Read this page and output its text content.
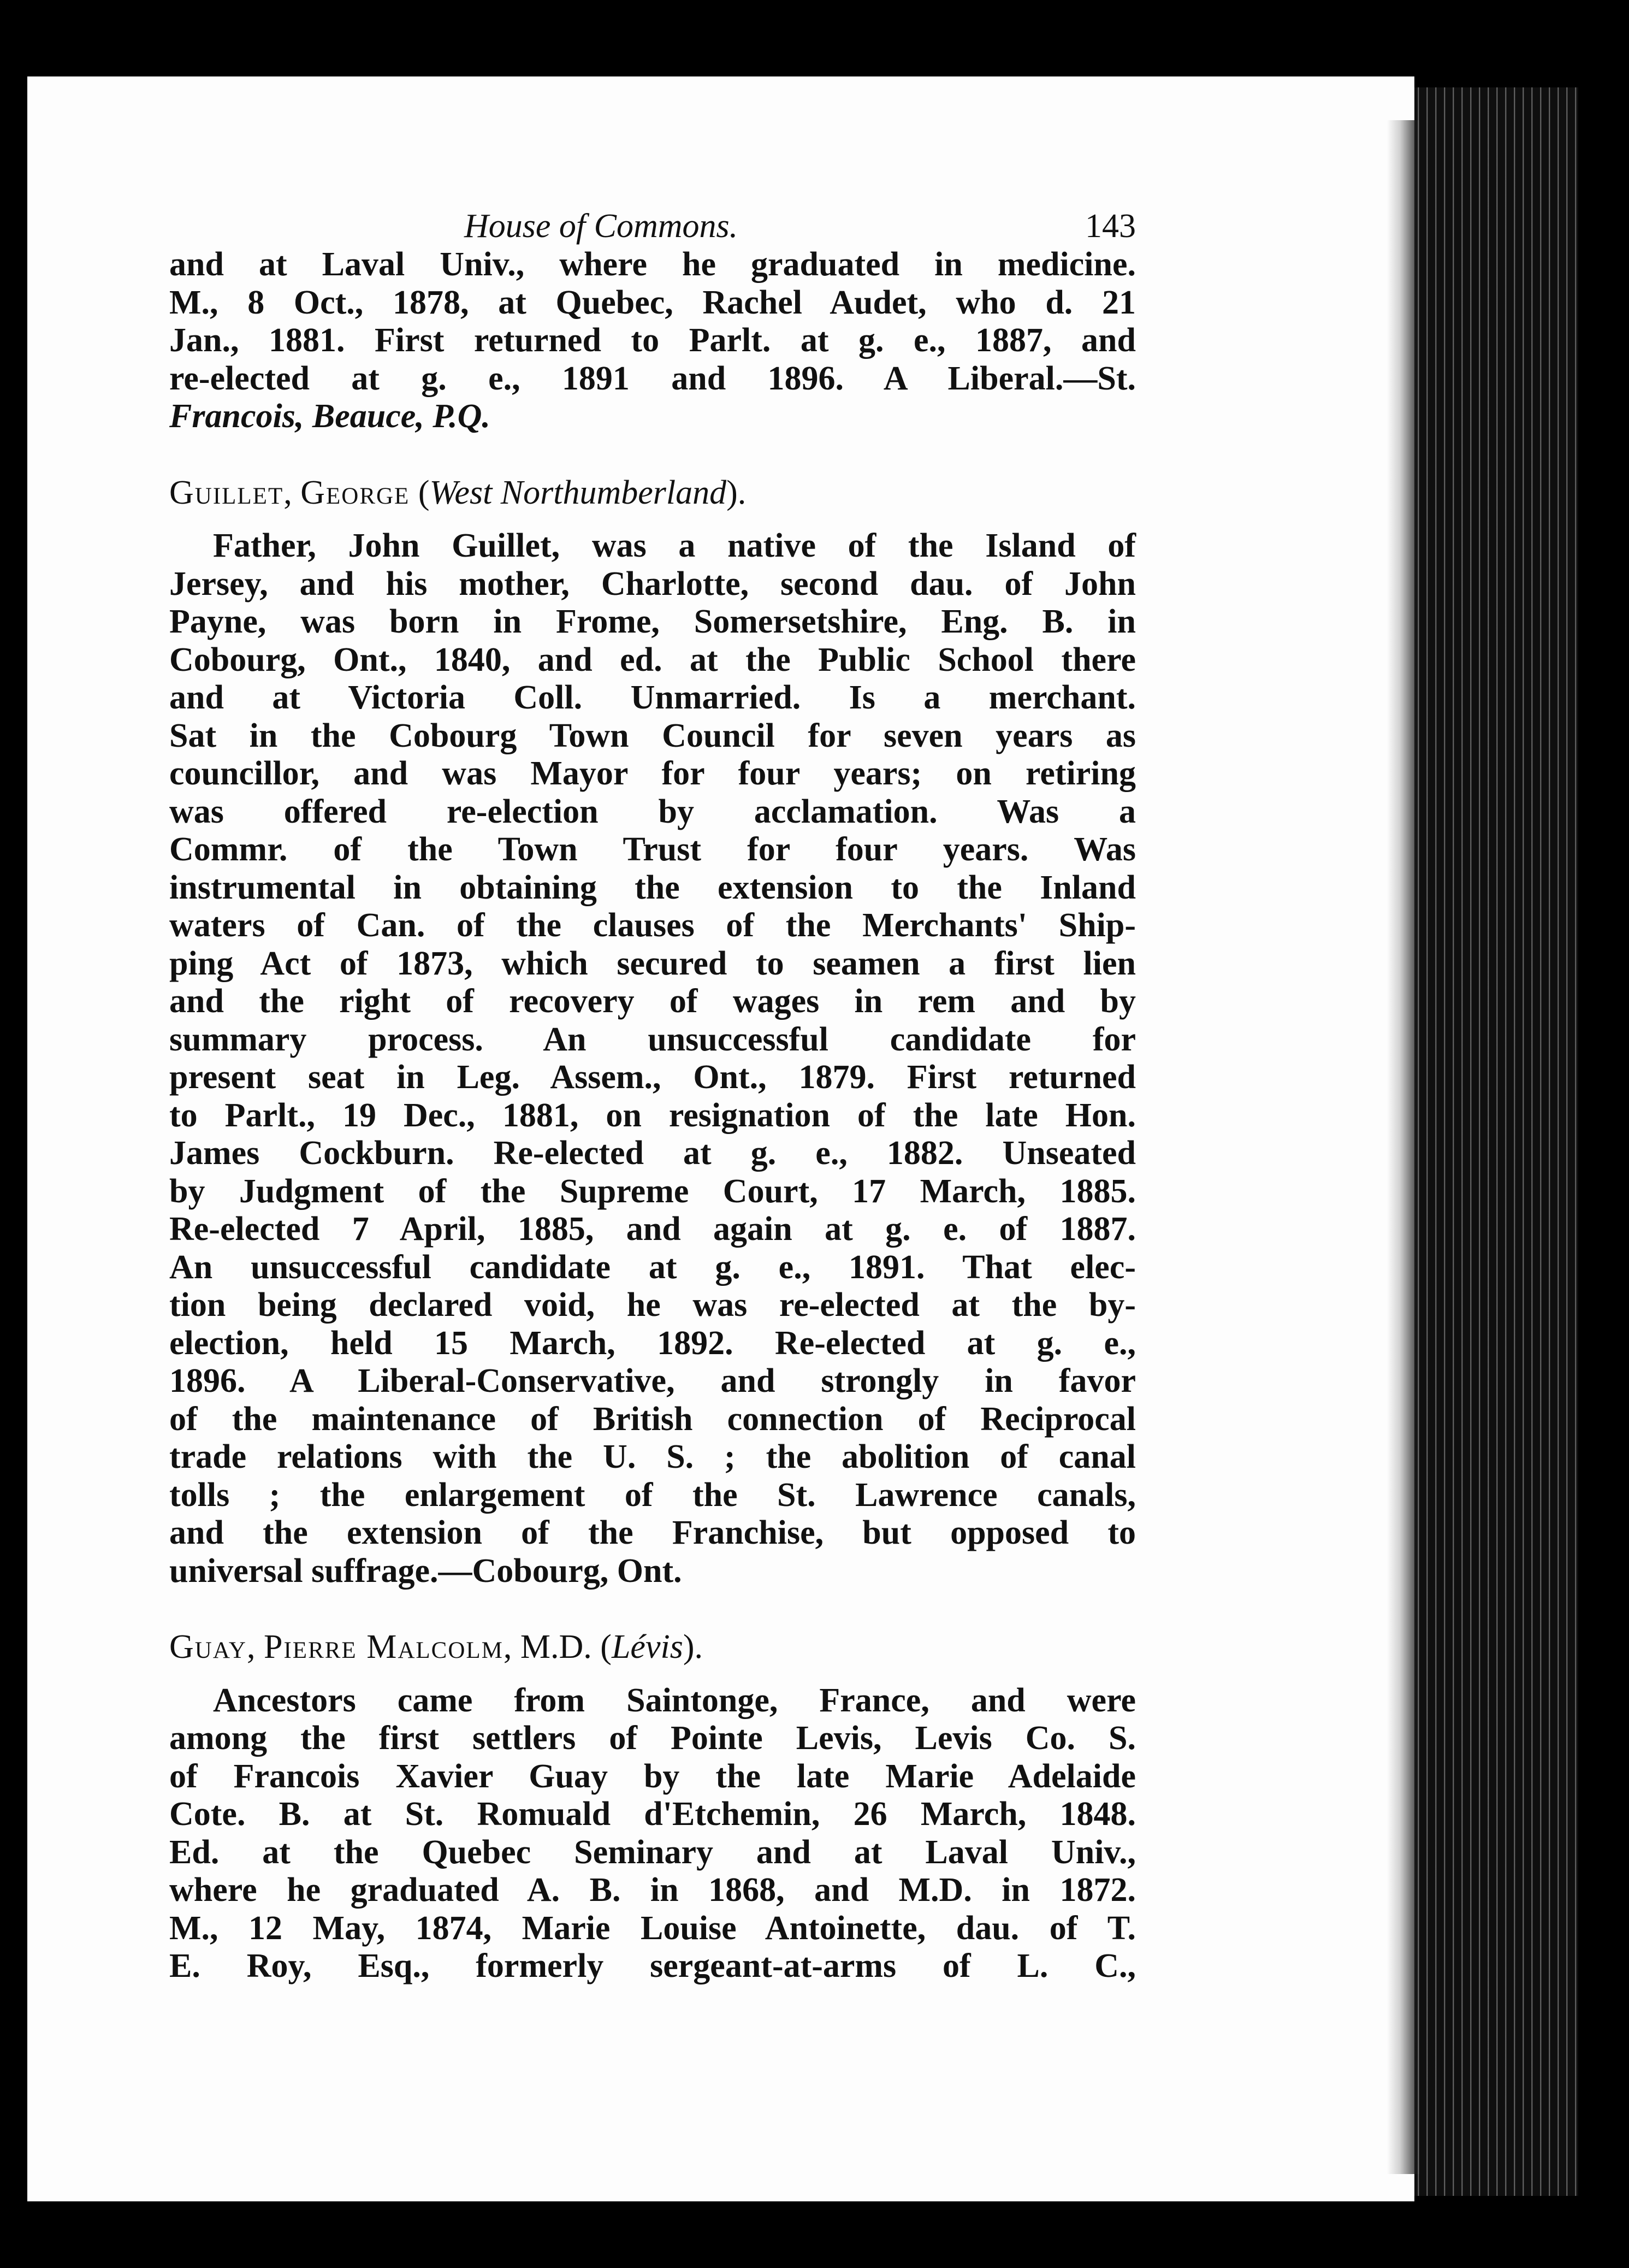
House of Commons.	143
and at Laval Univ., where he graduated in medicine.
M., 8 Oct., 1878, at Quebec, Rachel Audet, who d. 21
Jan., 1881. First returned to Parlt. at g. e., 1887, and
re-elected at g. e., 1891 and 1896. A Liberal.—St.
Francois, Beauce, P.Q.
Guillet, George (West Northumberland).
Father, John Guillet, was a native of the Island of
Jersey, and his mother, Charlotte, second dau. of John
Payne, was born in Frome, Somersetshire, Eng. B. in
Cobourg, Ont., 1840, and ed. at the Public School there
and at Victoria Coll. Unmarried. Is a merchant.
Sat in the Cobourg Town Council for seven years as
councillor, and was Mayor for four years; on retiring
was offered re-election by acclamation. Was a
Commr. of the Town Trust for four years. Was
instrumental in obtaining the extension to the Inland
waters of Can. of the clauses of the Merchants' Ship-
ping Act of 1873, which secured to seamen a first lien
and the right of recovery of wages in rem and by
summary process. An unsuccessful candidate for
present seat in Leg. Assem., Ont., 1879. First returned
to Parlt., 19 Dec., 1881, on resignation of the late Hon.
James Cockburn. Re-elected at g. e., 1882. Unseated
by Judgment of the Supreme Court, 17 March, 1885.
Re-elected 7 April, 1885, and again at g. e. of 1887.
An unsuccessful candidate at g. e., 1891. That elec-
tion being declared void, he was re-elected at the by-
election, held 15 March, 1892. Re-elected at g. e.,
1896. A Liberal-Conservative, and strongly in favor
of the maintenance of British connection of Reciprocal
trade relations with the U. S. ; the abolition of canal
tolls ; the enlargement of the St. Lawrence canals,
and the extension of the Franchise, but opposed to
universal suffrage.—Cobourg, Ont.
Guay, Pierre Malcolm, M.D. (Lévis).
Ancestors came from Saintonge, France, and were
among the first settlers of Pointe Levis, Levis Co. S.
of Francois Xavier Guay by the late Marie Adelaide
Cote. B. at St. Romuald d'Etchemin, 26 March, 1848.
Ed. at the Quebec Seminary and at Laval Univ.,
where he graduated A. B. in 1868, and M.D. in 1872.
M., 12 May, 1874, Marie Louise Antoinette, dau. of T.
E. Roy, Esq., formerly sergeant-at-arms of L. C.,
